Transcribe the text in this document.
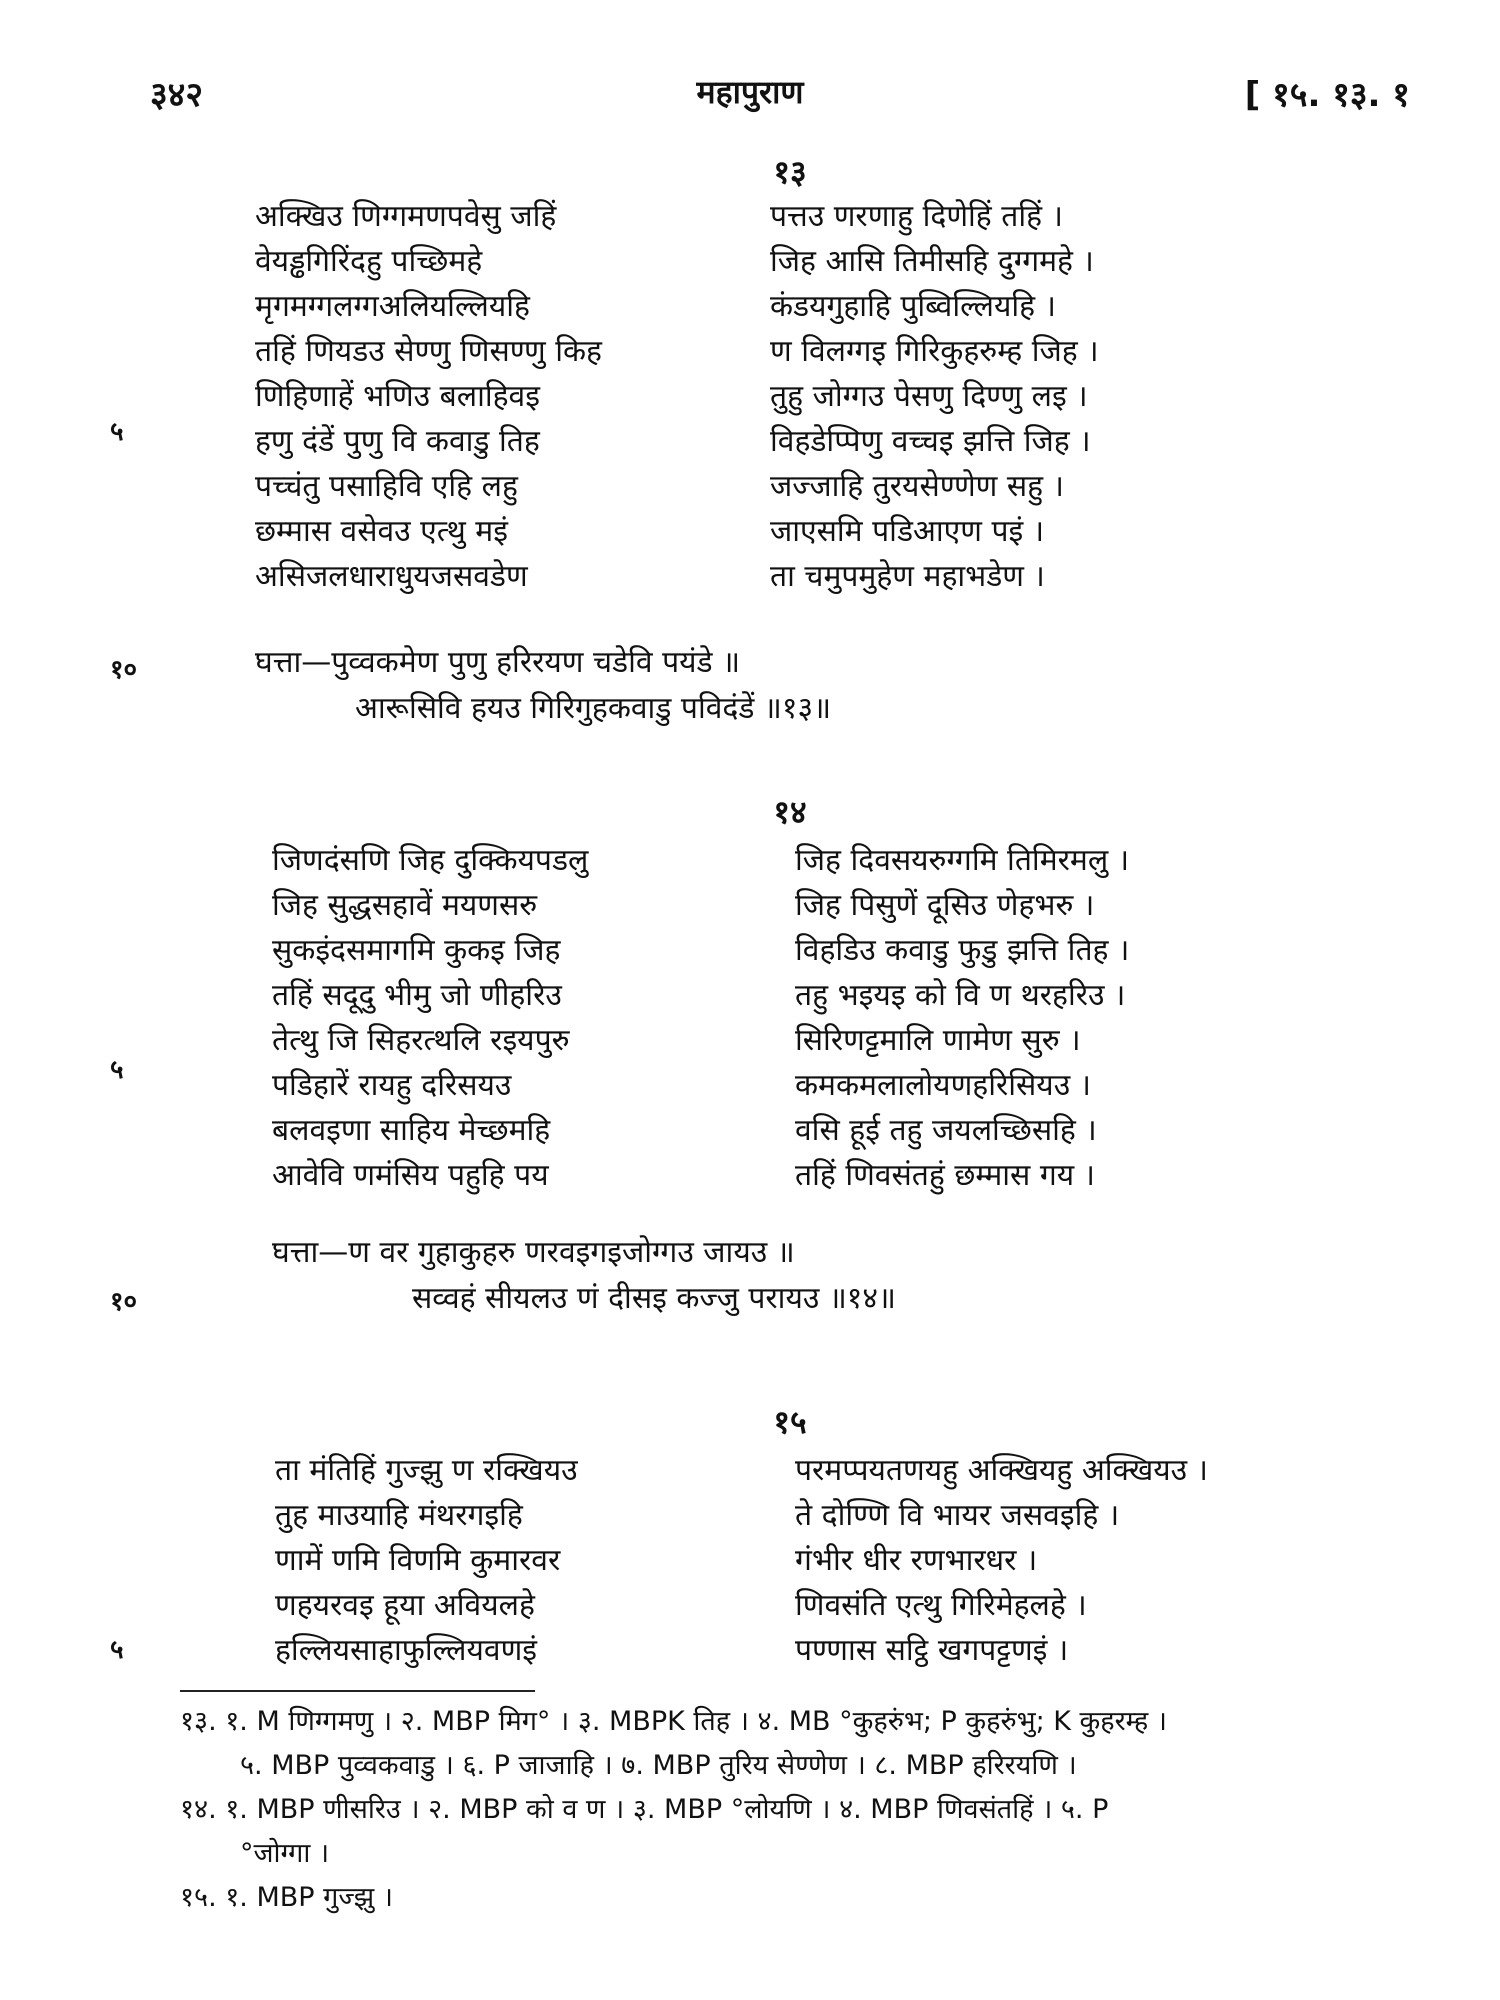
३४२	महापुराण	[ १५. १३. १
१३
अक्खिउ णिग्गमणपवेसु जहिं	पत्तउ णरणाहु दिणेहिं तहिं ।
वेयड्ढगिरिंदहु पच्छिमहे	जिह आसि तिमीसहि दुग्गमहे ।
मृगमग्गलग्गअलियल्लियहि	कंडयगुहाहि पुब्विल्लियहि ।
तहिं णियडउ सेण्णु णिसण्णु किह	ण विलग्गइ गिरिकुहरुम्ह जिह ।
णिहिणाहें भणिउ बलाहिवइ	तुहु जोग्गउ पेसणु दिण्णु लइ ।
हणु दंडें पुणु वि कवाडु तिह	विहडेप्पिणु वच्चइ झत्ति जिह ।
पच्चंतु पसाहिवि एहि लहु	जज्जाहि तुरयसेण्णेण सहु ।
छम्मास वसेवउ एत्थु मइं	जाएसमि पडिआएण पइं ।
असिजलधाराधुयजसवडेण	ता चमुपमुहेण महाभडेण ।
५
घत्ता—पुव्वकमेण पुणु हरिरयण चडेवि पयंडे ॥
आरूसिवि हयउ गिरिगुहकवाडु पविदंडें ॥१३॥
१०
१४
जिणदंसणि जिह दुक्कियपडलु	जिह दिवसयरुग्गमि तिमिरमलु ।
जिह सुद्धसहावें मयणसरु	जिह पिसुणें दूसिउ णेहभरु ।
सुकइंदसमागमि कुकइ जिह	विहडिउ कवाडु फुडु झत्ति तिह ।
तहिं सदूदु भीमु जो णीहरिउ	तहु भइयइ को वि ण थरहरिउ ।
तेत्थु जि सिहरत्थलि रइयपुरु	सिरिणट्टमालि णामेण सुरु ।
पडिहारें रायहु दरिसयउ	कमकमलालोयणहरिसियउ ।
बलवइणा साहिय मेच्छमहि	वसि हूई तहु जयलच्छिसहि ।
आवेवि णमंसिय पहुहि पय	तहिं णिवसंतहुं छम्मास गय ।
५
घत्ता—ण वर गुहाकुहरु णरवइगइजोग्गउ जायउ ॥
सव्वहं सीयलउ णं दीसइ कज्जु परायउ ॥१४॥
१०
१५
ता मंतिहिं गुज्झु ण रक्खियउ	परमप्पयतणयहु अक्खियहु अक्खियउ ।
तुह माउयाहि मंथरगइहि	ते दोण्णि वि भायर जसवइहि ।
णामें णमि विणमि कुमारवर	गंभीर धीर रणभारधर ।
णहयरवइ हूया अवियलहे	णिवसंति एत्थु गिरिमेहलहे ।
हल्लियसाहाफुल्लियवणइं	पण्णास सट्ठि खगपट्टणइं ।
५
१३. १. M णिग्गमणु । २. MBP मिग° । ३. MBPK तिह । ४. MB °कुहरुंभ; P कुहरुंभु; K कुहरम्ह ।
५. MBP पुव्वकवाडु । ६. P जाजाहि । ७. MBP तुरिय सेण्णेण । ८. MBP हरिरयणि ।
१४. १. MBP णीसरिउ । २. MBP को व ण । ३. MBP °लोयणि । ४. MBP णिवसंतहिं । ५. P
°जोग्गा ।
१५. १. MBP गुज्झु ।
